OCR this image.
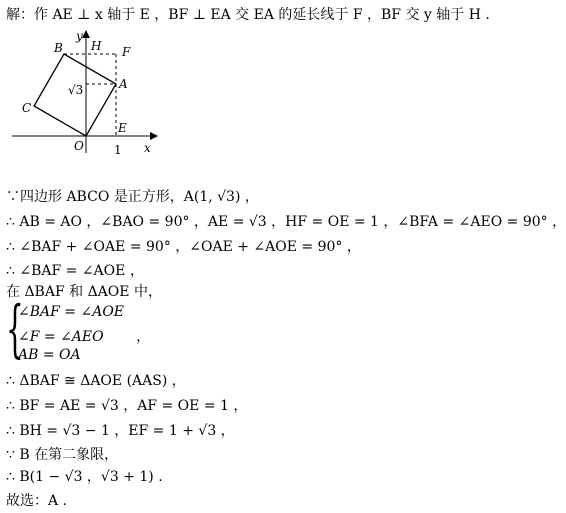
解：作 AE ⊥ x 轴于 E ，BF ⊥ EA 交 EA 的延长线于 F ，BF 交 y 轴于 H .
y
x
B H F
A
C
O
E
1
√3
∵四边形 ABCO 是正方形，A(1, √3) ，
∴ AB = AO ，∠BAO = 90° ，AE = √3 ，HF = OE = 1 ，∠BFA = ∠AEO = 90° ，
∴ ∠BAF + ∠OAE = 90° ，∠OAE + ∠AOE = 90° ，
∴ ∠BAF = ∠AOE ，
在 ΔBAF 和 ΔAOE 中，
{
∠BAF = ∠AOE
∠F = ∠AEO ，
AB = OA
∴ ΔBAF ≅ ΔAOE (AAS) ，
∴ BF = AE = √3 ，AF = OE = 1 ，
∴ BH = √3 − 1 ，EF = 1 + √3 ，
∵ B 在第二象限，
∴ B(1 − √3 ，√3 + 1) .
故选：A .
